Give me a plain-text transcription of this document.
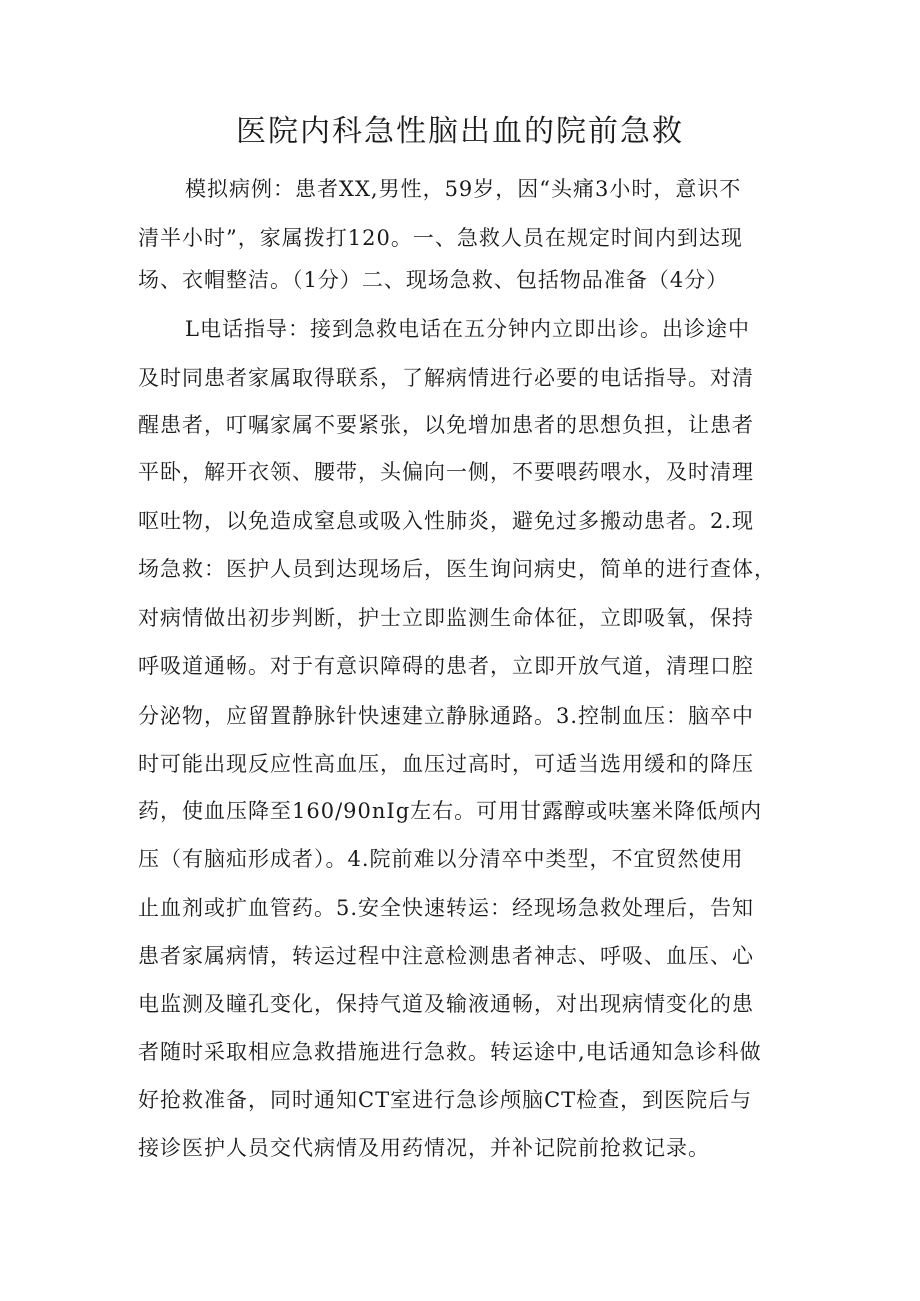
医院内科急性脑出血的院前急救

模拟病例：患者XX,男性，59岁，因“头痛3小时，意识不

清半小时”，家属拨打120。一、急救人员在规定时间内到达现

场、衣帽整洁。（1分）二、现场急救、包括物品准备（4分）

L电话指导：接到急救电话在五分钟内立即出诊。出诊途中

及时同患者家属取得联系，了解病情进行必要的电话指导。对清

醒患者，叮嘱家属不要紧张，以免增加患者的思想负担，让患者

平卧，解开衣领、腰带，头偏向一侧，不要喂药喂水，及时清理

呕吐物，以免造成窒息或吸入性肺炎，避免过多搬动患者。2.现

场急救：医护人员到达现场后，医生询问病史，简单的进行查体，

对病情做出初步判断，护士立即监测生命体征，立即吸氧，保持

呼吸道通畅。对于有意识障碍的患者，立即开放气道，清理口腔

分泌物，应留置静脉针快速建立静脉通路。3.控制血压：脑卒中

时可能出现反应性高血压，血压过高时，可适当选用缓和的降压

药，使血压降至160/90nIg左右。可用甘露醇或呋塞米降低颅内

压（有脑疝形成者）。4.院前难以分清卒中类型，不宜贸然使用

止血剂或扩血管药。5.安全快速转运：经现场急救处理后，告知

患者家属病情，转运过程中注意检测患者神志、呼吸、血压、心

电监测及瞳孔变化，保持气道及输液通畅，对出现病情变化的患

者随时采取相应急救措施进行急救。转运途中,电话通知急诊科做

好抢救准备，同时通知CT室进行急诊颅脑CT检查，到医院后与

接诊医护人员交代病情及用药情况，并补记院前抢救记录。
